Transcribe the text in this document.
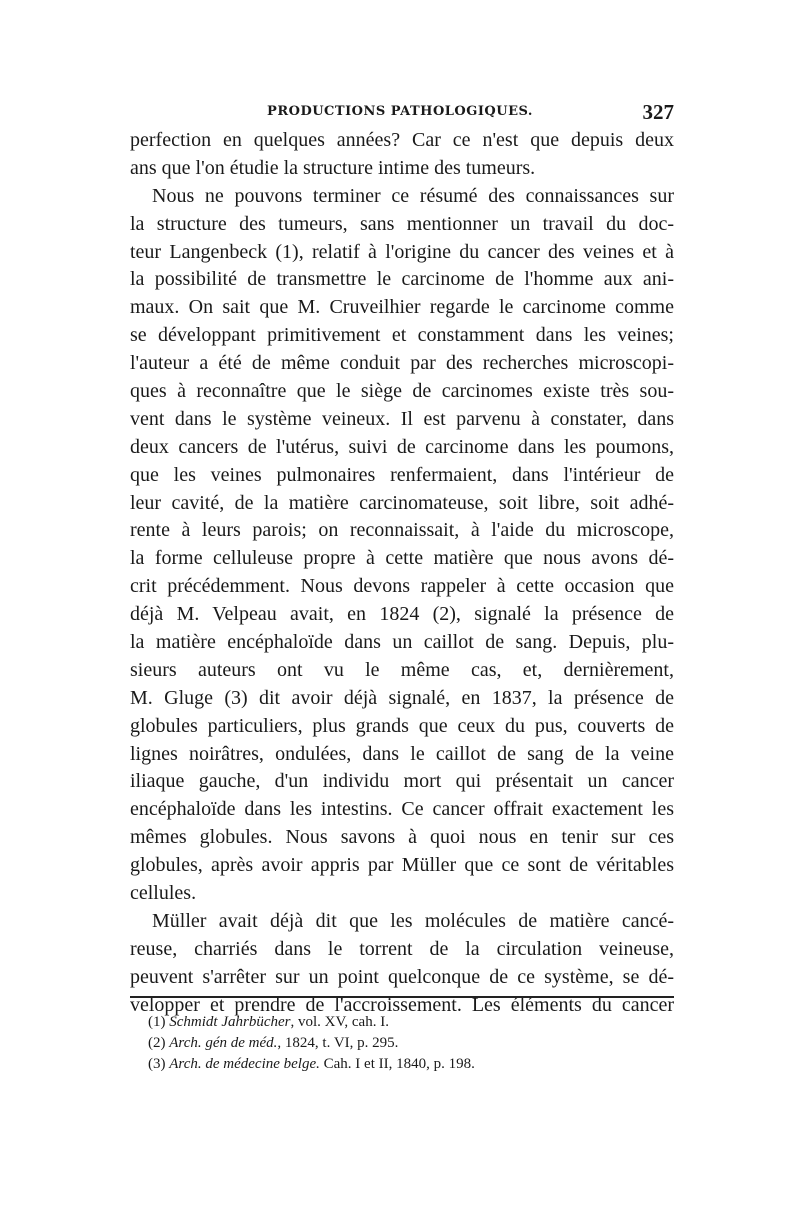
PRODUCTIONS PATHOLOGIQUES.	327
perfection en quelques années? Car ce n'est que depuis deux
ans que l'on étudie la structure intime des tumeurs.
Nous ne pouvons terminer ce résumé des connaissances sur
la structure des tumeurs, sans mentionner un travail du doc-
teur Langenbeck (1), relatif à l'origine du cancer des veines et à
la possibilité de transmettre le carcinome de l'homme aux ani-
maux. On sait que M. Cruveilhier regarde le carcinome comme
se développant primitivement et constamment dans les veines;
l'auteur a été de même conduit par des recherches microscopi-
ques à reconnaître que le siège de carcinomes existe très sou-
vent dans le système veineux. Il est parvenu à constater, dans
deux cancers de l'utérus, suivi de carcinome dans les poumons,
que les veines pulmonaires renfermaient, dans l'intérieur de
leur cavité, de la matière carcinomateuse, soit libre, soit adhé-
rente à leurs parois; on reconnaissait, à l'aide du microscope,
la forme celluleuse propre à cette matière que nous avons dé-
crit précédemment. Nous devons rappeler à cette occasion que
déjà M. Velpeau avait, en 1824 (2), signalé la présence de
la matière encéphaloïde dans un caillot de sang. Depuis, plu-
sieurs auteurs ont vu le même cas, et, dernièrement,
M. Gluge (3) dit avoir déjà signalé, en 1837, la présence de
globules particuliers, plus grands que ceux du pus, couverts de
lignes noirâtres, ondulées, dans le caillot de sang de la veine
iliaque gauche, d'un individu mort qui présentait un cancer
encéphaloïde dans les intestins. Ce cancer offrait exactement les
mêmes globules. Nous savons à quoi nous en tenir sur ces
globules, après avoir appris par Müller que ce sont de véritables
cellules.
Müller avait déjà dit que les molécules de matière cancé-
reuse, charriés dans le torrent de la circulation veineuse,
peuvent s'arrêter sur un point quelconque de ce système, se dé-
velopper et prendre de l'accroissement. Les éléments du cancer
(1) Schmidt Jahrbücher, vol. XV, cah. I.
(2) Arch. gén de méd., 1824, t. VI, p. 295.
(3) Arch. de médecine belge. Cah. I et II, 1840, p. 198.
